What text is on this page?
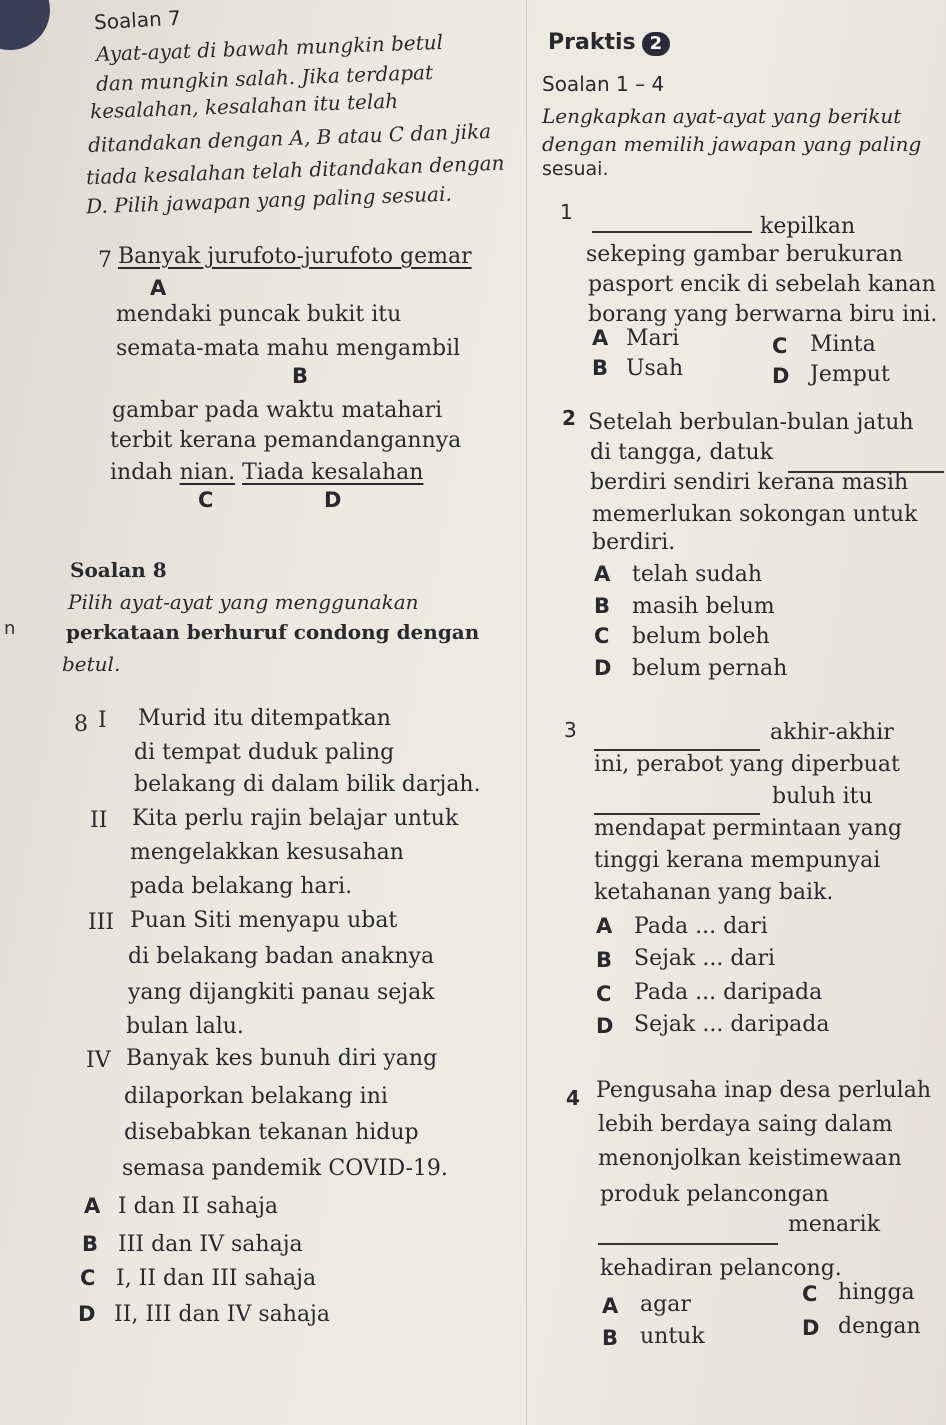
n
Soalan 7
Ayat-ayat di bawah mungkin betul
dan mungkin salah. Jika terdapat
kesalahan, kesalahan itu telah
ditandakan dengan A, B atau C dan jika
tiada kesalahan telah ditandakan dengan
D. Pilih jawapan yang paling sesuai.
7 Banyak jurufoto-jurufoto gemar
A
mendaki puncak bukit itu
semata-mata mahu mengambil
B
gambar pada waktu matahari
terbit kerana pemandangannya
indah nian. Tiada kesalahan
C	D
Soalan 8
Pilih ayat-ayat yang menggunakan
perkataan berhuruf condong dengan
betul.
8 I Murid itu ditempatkan
di tempat duduk paling
belakang di dalam bilik darjah.
II Kita perlu rajin belajar untuk
mengelakkan kesusahan
pada belakang hari.
III Puan Siti menyapu ubat
di belakang badan anaknya
yang dijangkiti panau sejak
bulan lalu.
IV Banyak kes bunuh diri yang
dilaporkan belakang ini
disebabkan tekanan hidup
semasa pandemik COVID-19.
A I dan II sahaja
B III dan IV sahaja
C I, II dan III sahaja
D II, III dan IV sahaja
Praktis 2
Soalan 1 – 4
Lengkapkan ayat-ayat yang berikut
dengan memilih jawapan yang paling
sesuai.
1
kepilkan
sekeping gambar berukuran
pasport encik di sebelah kanan
borang yang berwarna biru ini.
A Mari	C Minta
B Usah	D Jemput
2 Setelah berbulan-bulan jatuh
di tangga, datuk
berdiri sendiri kerana masih
memerlukan sokongan untuk
berdiri.
A telah sudah
B masih belum
C belum boleh
D belum pernah
3	akhir-akhir
ini, perabot yang diperbuat
buluh itu
mendapat permintaan yang
tinggi kerana mempunyai
ketahanan yang baik.
A Pada ... dari
B Sejak ... dari
C Pada ... daripada
D Sejak ... daripada
4 Pengusaha inap desa perlulah
lebih berdaya saing dalam
menonjolkan keistimewaan
produk pelancongan
menarik
kehadiran pelancong.
A agar	C hingga
B untuk	D dengan
